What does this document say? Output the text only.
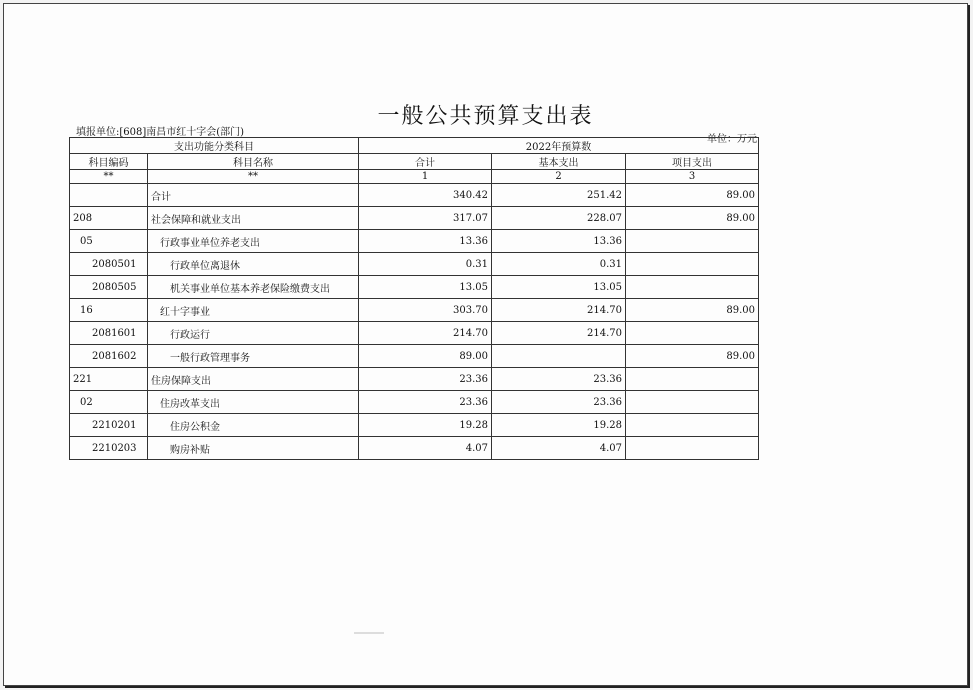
一般公共预算支出表
填报单位:[608]南昌市红十字会(部门)
单位：万元
支出功能分类科目		2022年预算数		
科目编码	科目名称	合计	基本支出	项目支出
**	**	1	2	3
	合计	340.42	251.42	89.00
208	社会保障和就业支出	317.07	228.07	89.00
05	行政事业单位养老支出	13.36	13.36	
2080501	行政单位离退休	0.31	0.31	
2080505	机关事业单位基本养老保险缴费支出	13.05	13.05	
16	红十字事业	303.70	214.70	89.00
2081601	行政运行	214.70	214.70	
2081602	一般行政管理事务	89.00		89.00
221	住房保障支出	23.36	23.36	
02	住房改革支出	23.36	23.36	
2210201	住房公积金	19.28	19.28	
2210203	购房补贴	4.07	4.07	
